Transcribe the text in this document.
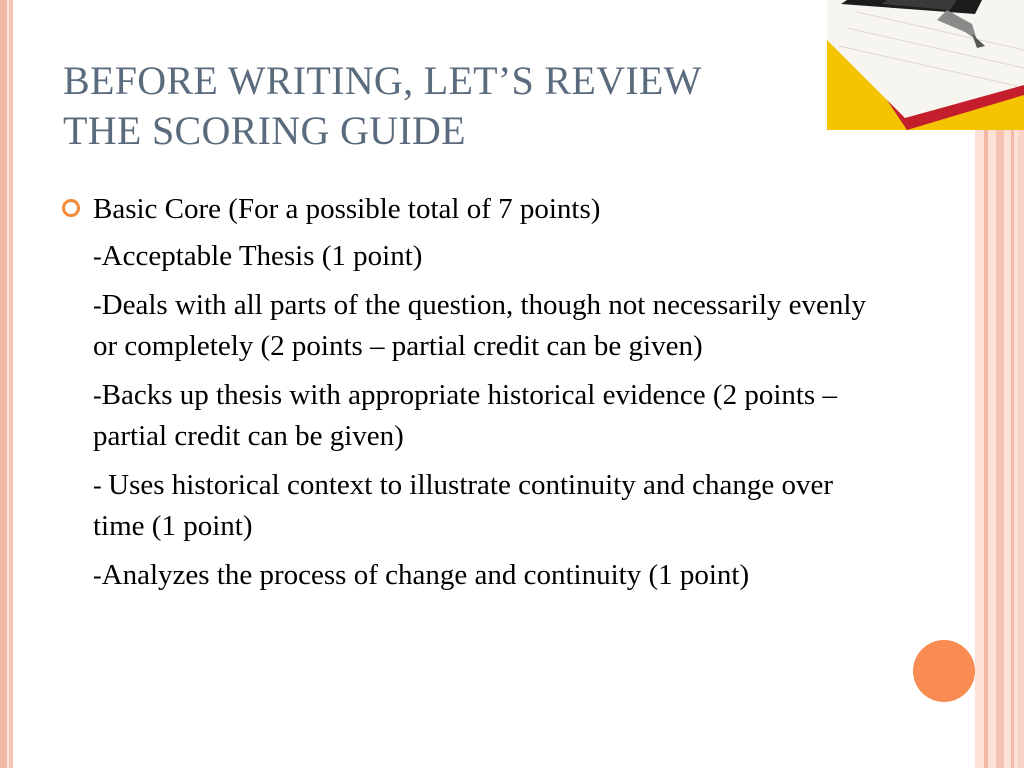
BEFORE WRITING, LET’S REVIEW
THE SCORING GUIDE
Basic Core (For a possible total of 7 points)
-Acceptable Thesis (1 point)
-Deals with all parts of the question, though not necessarily evenly or completely (2 points – partial credit can be given)
-Backs up thesis with appropriate historical evidence (2 points – partial credit can be given)
- Uses historical context to illustrate continuity and change over time (1 point)
-Analyzes the process of change and continuity (1 point)
